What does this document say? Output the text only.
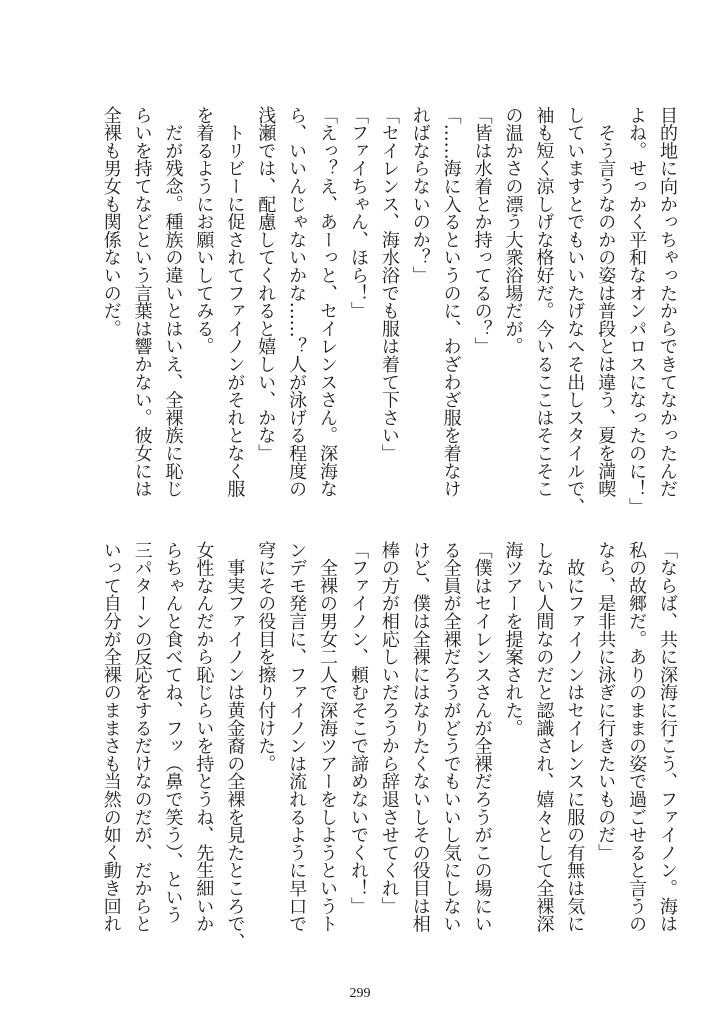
目的地に向かっちゃったからできてなかったんだ
よね。せっかく平和なオンパロスになったのに！」
　そう言うなのかの姿は普段とは違う、夏を満喫
していますとでもいいたげなへそ出しスタイルで、
袖も短く涼しげな格好だ。今いるここはそこそこ
の温かさの漂う大衆浴場だが。
「皆は水着とか持ってるの？」
「……海に入るというのに、わざわざ服を着なけ
ればならないのか？」
「セイレンス、海水浴でも服は着て下さい」
「ファイちゃん、ほら！」
「えっ？え、あーっと、セイレンスさん。深海な
ら、いいんじゃないかな……？人が泳げる程度の
浅瀬では、配慮してくれると嬉しい、かな」
　トリビーに促されてファイノンがそれとなく服
を着るようにお願いしてみる。
　だが残念。種族の違いとはいえ、全裸族に恥じ
らいを持てなどという言葉は響かない。彼女には
全裸も男女も関係ないのだ。
「ならば、共に深海に行こう、ファイノン。海は
私の故郷だ。ありのままの姿で過ごせると言うの
なら、是非共に泳ぎに行きたいものだ」
　故にファイノンはセイレンスに服の有無は気に
しない人間なのだと認識され、嬉々として全裸深
海ツアーを提案された。
「僕はセイレンスさんが全裸だろうがこの場にい
る全員が全裸だろうがどうでもいいし気にしない
けど、僕は全裸にはなりたくないしその役目は相
棒の方が相応しいだろうから辞退させてくれ」
「ファイノン、頼むそこで諦めないでくれ！」
　全裸の男女二人で深海ツアーをしようというト
ンデモ発言に、ファイノンは流れるように早口で
穹にその役目を擦り付けた。
　事実ファイノンは黄金裔の全裸を見たところで、
女性なんだから恥じらいを持とうね、先生細いか
らちゃんと食べてね、フッ（鼻で笑う）、という
三パターンの反応をするだけなのだが、だからと
いって自分が全裸のままさも当然の如く動き回れ
299
